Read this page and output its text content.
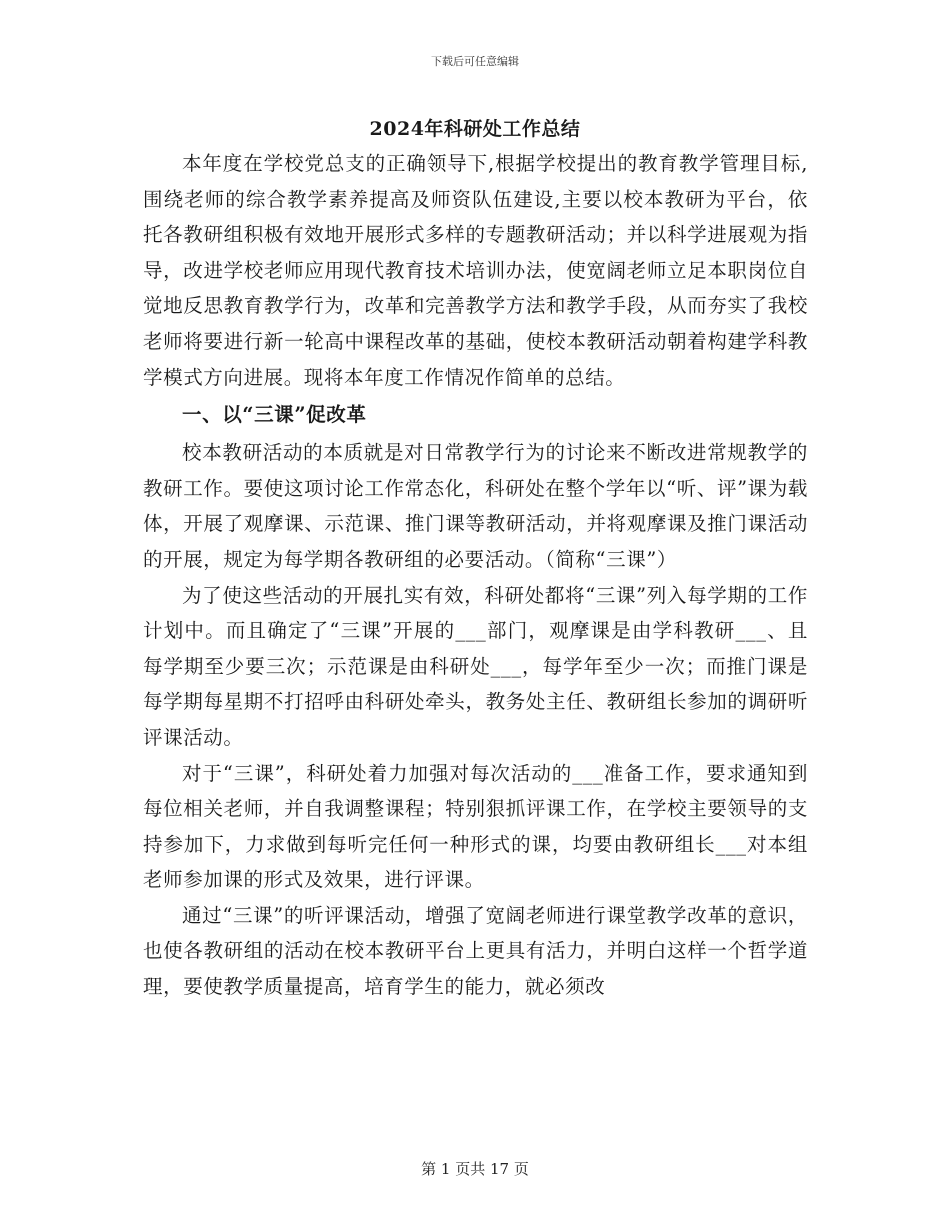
下载后可任意编辑
2024年科研处工作总结

本年度在学校党总支的正确领导下,根据学校提出的教育教学管理目标,围绕老师的综合教学素养提高及师资队伍建设,主要以校本教研为平台，依托各教研组积极有效地开展形式多样的专题教研活动；并以科学进展观为指导，改进学校老师应用现代教育技术培训办法，使宽阔老师立足本职岗位自觉地反思教育教学行为，改革和完善教学方法和教学手段，从而夯实了我校老师将要进行新一轮高中课程改革的基础，使校本教研活动朝着构建学科教学模式方向进展。现将本年度工作情况作简单的总结。

一、以“三课”促改革

校本教研活动的本质就是对日常教学行为的讨论来不断改进常规教学的教研工作。要使这项讨论工作常态化，科研处在整个学年以“听、评”课为载体，开展了观摩课、示范课、推门课等教研活动，并将观摩课及推门课活动的开展，规定为每学期各教研组的必要活动。（简称“三课”）

为了使这些活动的开展扎实有效，科研处都将“三课”列入每学期的工作计划中。而且确定了“三课”开展的___部门，观摩课是由学科教研___、且每学期至少要三次；示范课是由科研处___，每学年至少一次；而推门课是每学期每星期不打招呼由科研处牵头，教务处主任、教研组长参加的调研听评课活动。

对于“三课”，科研处着力加强对每次活动的___准备工作，要求通知到每位相关老师，并自我调整课程；特别狠抓评课工作，在学校主要领导的支持参加下，力求做到每听完任何一种形式的课，均要由教研组长___对本组老师参加课的形式及效果，进行评课。

通过“三课”的听评课活动，增强了宽阔老师进行课堂教学改革的意识，也使各教研组的活动在校本教研平台上更具有活力，并明白这样一个哲学道理，要使教学质量提高，培育学生的能力，就必须改

第 1 页共 17 页
